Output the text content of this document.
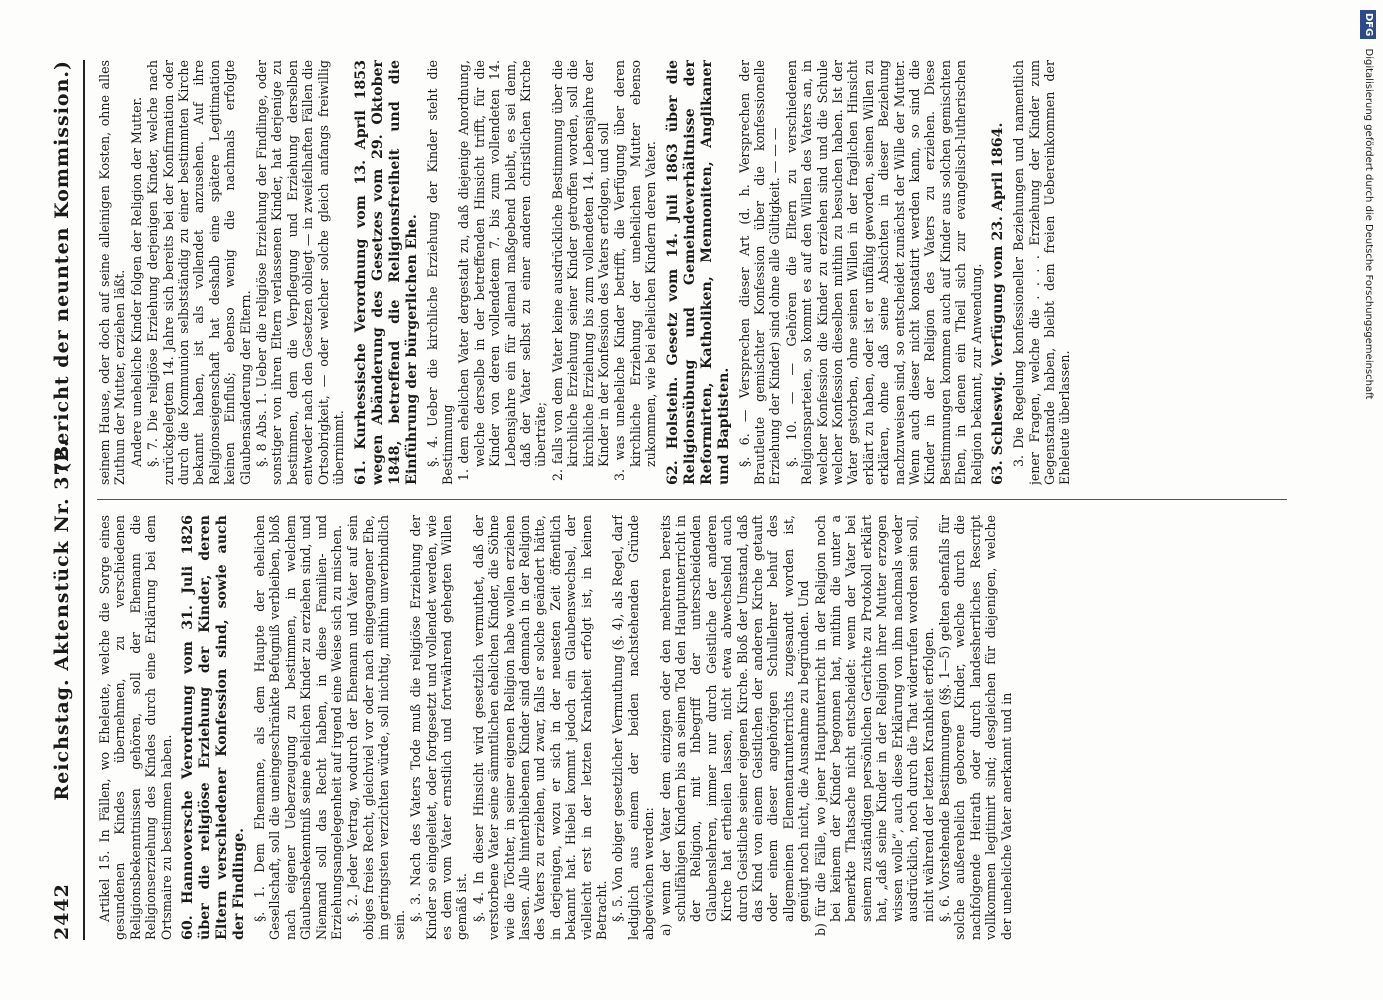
2442
Reichstag. Aktenstück Nr. 372.
(Bericht der neunten Kommission.)

Artikel 15. In Fällen, wo Eheleute, welche die Sorge eines gesundenen Kindes übernehmen, zu verschiedenen Religionsbekenntnissen gehören, soll der Ehemann die Religionserziehung des Kindes durch eine Erklärung bei dem Ortsmaire zu bestimmen haben. 60. Hannoversche Verordnung vom 31. Juli 1826 über die religiöse Erziehung der Kinder, deren Eltern verschiedener Konfession sind, sowie auch der Findlinge. §. 1. Dem Ehemanne, als dem Haupte der ehelichen Gesellschaft, soll die uneingeschränkte Befugniß verbleiben, bloß nach eigener Ueberzeugung zu bestimmen, in welchem Glaubensbekenntniß seine ehelichen Kinder zu erziehen sind, und Niemand soll das Recht haben, in diese Familien- und Erziehungsangelegenheit auf irgend eine Weise sich zu mischen. §. 2. Jeder Vertrag, wodurch der Ehemann und Vater auf sein obiges freies Recht, gleichviel vor oder nach eingegangener Ehe, im geringsten verzichten würde, soll nichtig, mithin unverbindlich sein.

§. 3. Nach des Vaters Tode muß die religiöse Erziehung der Kinder so eingeleitet, oder fortgesetzt und vollendet werden, wie es dem vom Vater ernstlich und fortwährend gehegten Willen gemäß ist. §. 4. In dieser Hinsicht wird gesetzlich vermuthet, daß der verstorbene Vater seine sämmtlichen ehelichen Kinder, die Söhne wie die Töchter, in seiner eigenen Religion habe wollen erziehen lassen. Alle hinterbliebenen Kinder sind demnach in der Religion des Vaters zu erziehen, und zwar, falls er solche geändert hätte, in derjenigen, wozu er sich in der neuesten Zeit öffentlich bekannt hat. Hiebei kommt jedoch ein Glaubenswechsel, der vielleicht erst in der letzten Krankheit erfolgt ist, in keinen Betracht. §. 5. Von obiger gesetzlicher Vermuthung (§. 4), als Regel, darf lediglich aus einem der beiden nachstehenden Gründe abgewichen werden: a) wenn der Vater dem einzigen oder den mehreren bereits schulfähigen Kindern bis an seinen Tod den Hauptunterricht in der Religion, mit Inbegriff der unterscheidenden Glaubenslehren, immer nur durch Geistliche der anderen Kirche hat ertheilen lassen, nicht etwa abwechselnd auch durch Geistliche seiner eigenen Kirche. Bloß der Umstand, daß das Kind von einem Geistlichen der anderen Kirche getauft oder einem dieser angehörigen Schullehrer behuf des allgemeinen Elementarunterrichts zugesandt worden ist, genügt noch nicht, die Ausnahme zu begründen. Und b) für die Fälle, wo jener Hauptunterricht in der Religion noch bei keinem der Kinder begonnen hat, mithin die unter a bemerkte Thatsache nicht entscheidet: wenn der Vater bei seinem zuständigen persönlichen Gerichte zu Protokoll erklärt hat, „daß seine Kinder in der Religion ihrer Mutter erzogen wissen wolle“, auch diese Erklärung von ihm nachmals weder ausdrücklich, noch durch die That widerrufen worden sein soll, nicht während der letzten Krankheit erfolgen. §. 6. Vorstehende Bestimmungen (§§. 1—5) gelten ebenfalls für solche außerehelich geborene Kinder, welche durch die nachfolgende Heirath oder durch landesherrliches Rescript vollkommen legitimirt sind; desgleichen für diejenigen, welche der uneheliche Vater anerkannt und in

seinem Hause, oder doch auf seine alleinigen Kosten, ohne alles Zuthun der Mutter, erziehen läßt. Andere uneheliche Kinder folgen der Religion der Mutter. §. 7. Die religiöse Erziehung derjenigen Kinder, welche nach zurückgelegtem 14. Jahre sich bereits bei der Konfirmation oder durch die Kommunion selbstständig zu einer bestimmten Kirche bekannt haben, ist als vollendet anzusehen. Auf ihre Religionseigenschaft hat deshalb eine spätere Legitimation keinen Einfluß; ebenso wenig die nachmals erfolgte Glaubensänderung der Eltern. §. 8 Abs. 1. Ueber die religiöse Erziehung der Findlinge, oder sonstiger von ihren Eltern verlassenen Kinder, hat derjenige zu bestimmen, dem die Verpflegung und Erziehung derselben entweder nach den Gesetzen obliegt — in zweifelhaften Fällen die Ortsobrigkeit, — oder welcher solche gleich anfangs freiwillig übernimmt. 61. Kurhessische Verordnung vom 13. April 1853 wegen Abänderung des Gesetzes vom 29. Oktober 1848, betreffend die Religionsfreiheit und die Einführung der bürgerlichen Ehe. §. 4. Ueber die kirchliche Erziehung der Kinder steht die Bestimmung 1. dem ehelichen Vater dergestalt zu, daß diejenige Anordnung, welche derselbe in der betreffenden Hinsicht trifft, für die Kinder von deren vollendetem 7. bis zum vollendeten 14. Lebensjahre ein für allemal maßgebend bleibt, es sei denn, daß der Vater selbst zu einer anderen christlichen Kirche überträte; 2. falls von dem Vater keine ausdrückliche Bestimmung über die kirchliche Erziehung seiner Kinder getroffen worden, soll die kirchliche Erziehung bis zum vollendeten 14. Lebensjahre der Kinder in der Konfession des Vaters erfolgen, und soll 3. was uneheliche Kinder betrifft, die Verfügung über deren kirchliche Erziehung der unehelichen Mutter ebenso zukommen, wie bei ehelichen Kindern deren Vater. 62. Holstein. Gesetz vom 14. Juli 1863 über die Religionsübung und Gemeindeverhältnisse der Reformirten, Katholiken, Mennoniten, Anglikaner und Baptisten. §. 6. — Versprechen dieser Art (d. h. Versprechen der Brautleute gemischter Konfession über die konfessionelle Erziehung der Kinder) sind ohne alle Gültigkeit. — — — §. 10. — — Gehören die Eltern zu verschiedenen Religionsparteien, so kommt es auf den Willen des Vaters an, in welcher Konfession die Kinder zu erziehen sind und die Schule welcher Konfession dieselben mithin zu besuchen haben. Ist der Vater gestorben, ohne seinen Willen in der fraglichen Hinsicht erklärt zu haben, oder ist er unfähig geworden, seinen Willen zu erklären, ohne daß seine Absichten in dieser Beziehung nachzuweisen sind, so entscheidet zunächst der Wille der Mutter. Wenn auch dieser nicht konstatirt werden kann, so sind die Kinder in der Religion des Vaters zu erziehen. Diese Bestimmungen kommen auch auf Kinder aus solchen gemischten Ehen, in denen ein Theil sich zur evangelisch-lutherischen Religion bekannt, zur Anwendung. 63. Schleswig. Verfügung vom 23. April 1864. 3. Die Regelung konfessioneller Beziehungen und namentlich jener Fragen, welche die . . . . Erziehung der Kinder zum Gegenstande haben, bleibt dem freien Uebereinkommen der Eheleute überlassen.

DFG Digitalisierung gefördert durch die Deutsche Forschungsgemeinschaft
